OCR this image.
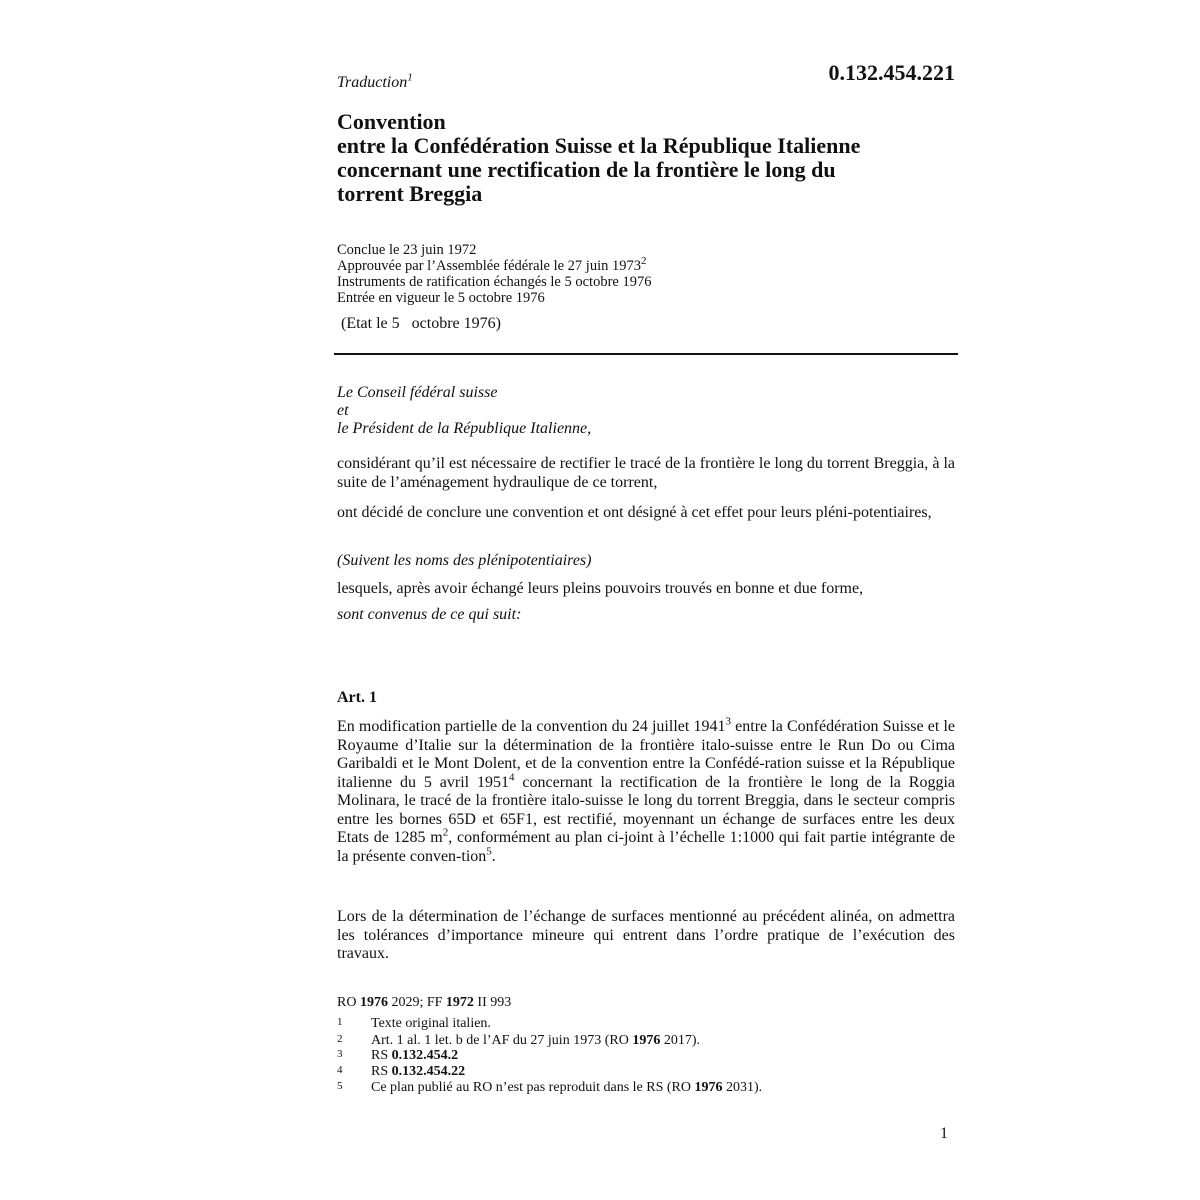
0.132.454.221
Traduction$^1$
Convention
entre la Confédération Suisse et la République Italienne
concernant une rectification de la frontière le long du
torrent Breggia
Conclue le 23 juin 1972
Approuvée par l’Assemblée fédérale le 27 juin 1973$^2$
Instruments de ratification échangés le 5 octobre 1976
Entrée en vigueur le 5 octobre 1976
(Etat le 5   octobre 1976)
Le Conseil fédéral suisse
et
le Président de la République Italienne,
considérant qu’il est nécessaire de rectifier le tracé de la frontière le long du torrent Breggia, à la suite de l’aménagement hydraulique de ce torrent,
ont décidé de conclure une convention et ont désigné à cet effet pour leurs pléni-potentiaires,
(Suivent les noms des plénipotentiaires)
lesquels, après avoir échangé leurs pleins pouvoirs trouvés en bonne et due forme,
sont convenus de ce qui suit:
Art. 1
En modification partielle de la convention du 24 juillet 1941$^3$ entre la Confédération Suisse et le Royaume d’Italie sur la détermination de la frontière italo-suisse entre le Run Do ou Cima Garibaldi et le Mont Dolent, et de la convention entre la Confédé-ration suisse et la République italienne du 5 avril 1951$^4$ concernant la rectification de la frontière le long de la Roggia Molinara, le tracé de la frontière italo-suisse le long du torrent Breggia, dans le secteur compris entre les bornes 65D et 65F1, est rectifié, moyennant un échange de surfaces entre les deux Etats de 1285 $m^2$, conformément au plan ci-joint à l’échelle 1:1000 qui fait partie intégrante de la présente conven-tion$^5$.
Lors de la détermination de l’échange de surfaces mentionné au précédent alinéa, on admettra les tolérances d’importance mineure qui entrent dans l’ordre pratique de l’exécution des travaux.
RO 1976 2029; FF 1972 II 993
1 Texte original italien.
2 Art. 1 al. 1 let. b de l’AF du 27 juin 1973 (RO 1976 2017).
3 RS 0.132.454.2
4 RS 0.132.454.22
5 Ce plan publié au RO n’est pas reproduit dans le RS (RO 1976 2031).
1
